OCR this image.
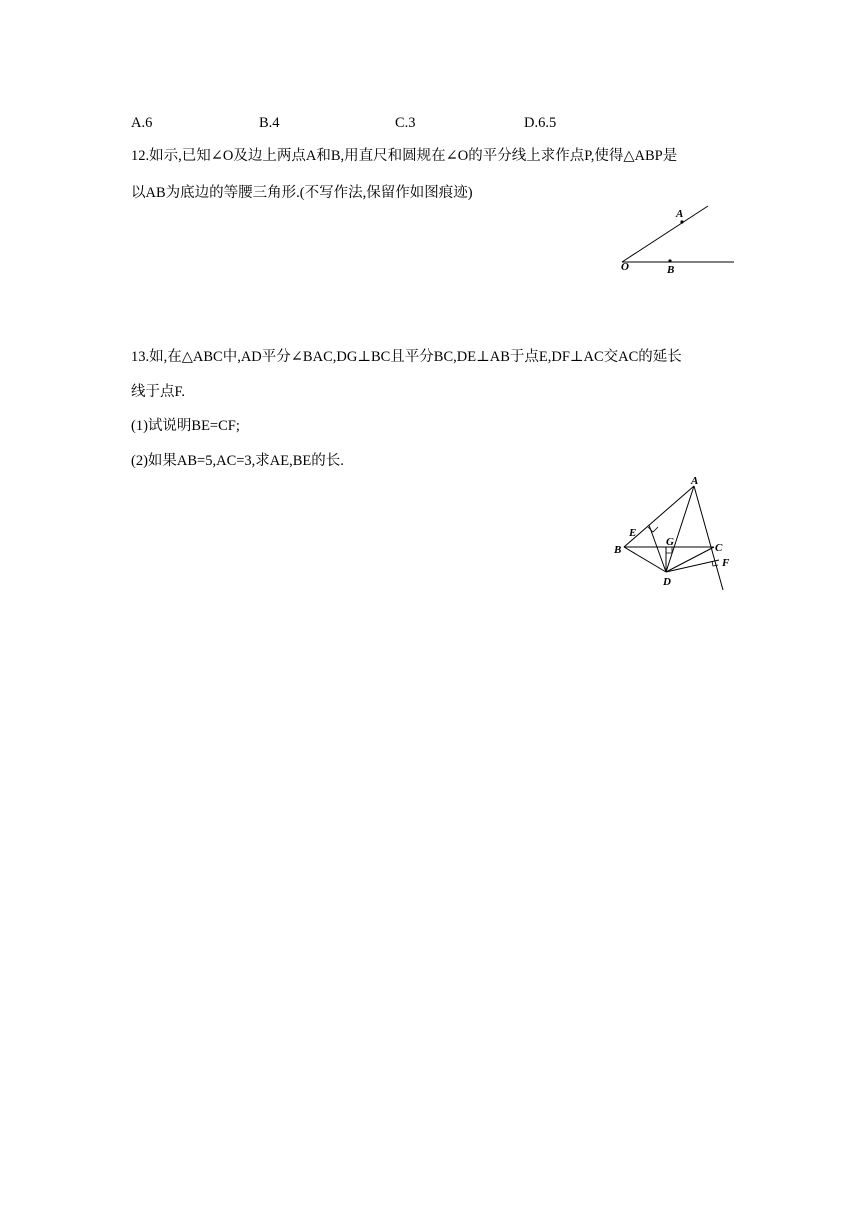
A.6	B.4	C.3	D.6.5
12.如示,已知∠O及边上两点A和B,用直尺和圆规在∠O的平分线上求作点P,使得△ABP是
以AB为底边的等腰三角形.(不写作法,保留作如图痕迹)
A
O	B
13.如,在△ABC中,AD平分∠BAC,DG⊥BC且平分BC,DE⊥AB于点E,DF⊥AC交AC的延长
线于点F.
(1)试说明BE=CF;
(2)如果AB=5,AC=3,求AE,BE的长.
A
E
B
G	C
F
D
